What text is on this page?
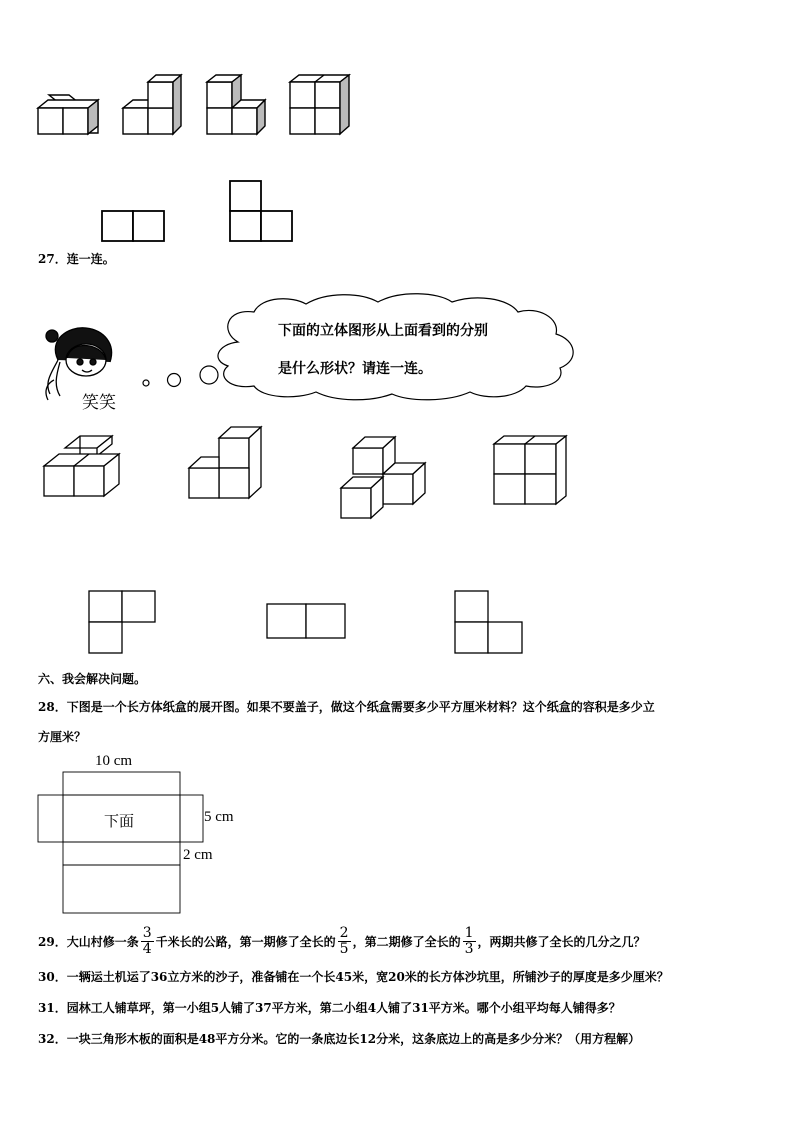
27．连一连。
笑笑
下面的立体图形从上面看到的分别
是什么形状？请连一连。
六、我会解决问题。
28．下图是一个长方体纸盒的展开图。如果不要盖子，做这个纸盒需要多少平方厘米材料？这个纸盒的容积是多少立
方厘米？
10 cm
5 cm
2 cm
下面
29．大山村修一条 $\frac{3}{4}$ 千米长的公路，第一期修了全长的 $\frac{2}{5}$ ，第二期修了全长的 $\frac{1}{3}$ ，两期共修了全长的几分之几？
30．一辆运土机运了36立方米的沙子，准备铺在一个长45米，宽20米的长方体沙坑里，所铺沙子的厚度是多少厘米？
31．园林工人铺草坪，第一小组5人铺了37平方米，第二小组4人铺了31平方米。哪个小组平均每人铺得多？
32．一块三角形木板的面积是48平方分米。它的一条底边长12分米，这条底边上的高是多少分米？（用方程解）
